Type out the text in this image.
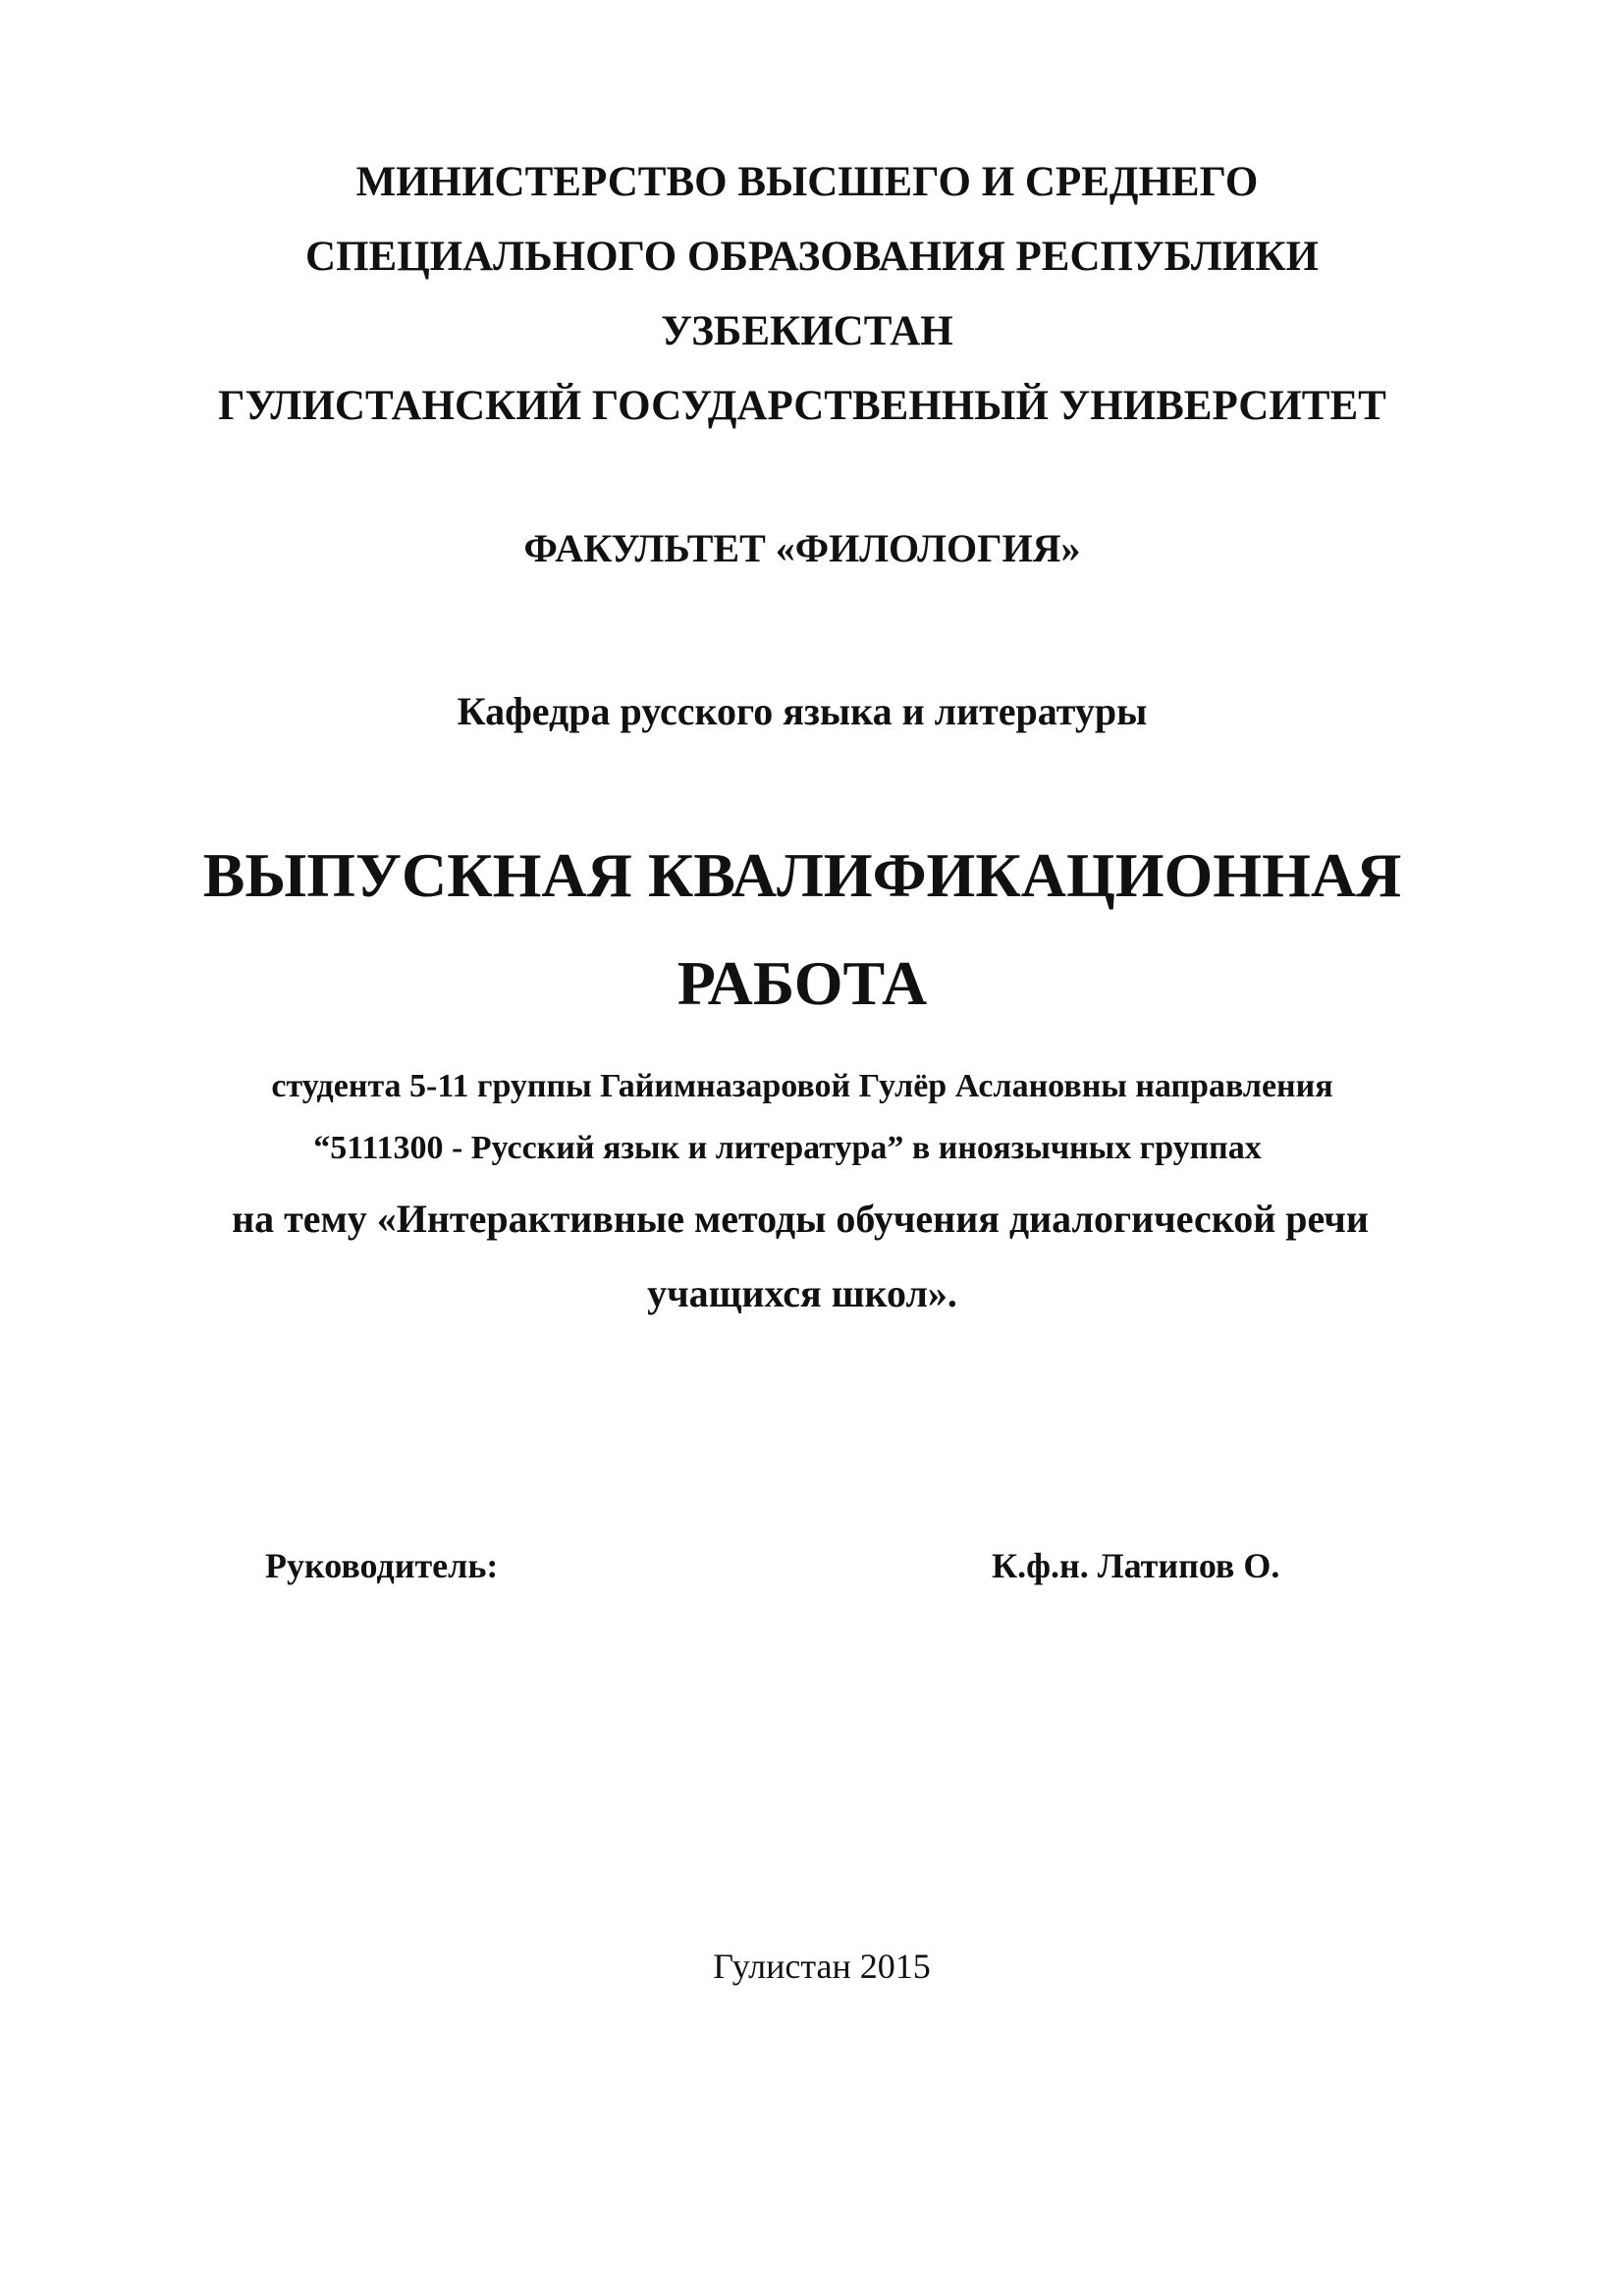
МИНИСТЕРСТВО ВЫСШЕГО И СРЕДНЕГО
СПЕЦИАЛЬНОГО ОБРАЗОВАНИЯ РЕСПУБЛИКИ
УЗБЕКИСТАН
ГУЛИСТАНСКИЙ ГОСУДАРСТВЕННЫЙ УНИВЕРСИТЕТ
ФАКУЛЬТЕТ «ФИЛОЛОГИЯ»
Кафедра русского языка и литературы
ВЫПУСКНАЯ КВАЛИФИКАЦИОННАЯ
РАБОТА
студента 5-11 группы Гайимназаровой Гулёр Аслановны направления
“5111300 - Русский язык и литература” в иноязычных группах
на тему «Интерактивные методы обучения диалогической речи
учащихся школ».
Руководитель:	К.ф.н. Латипов О.
Гулистан 2015
